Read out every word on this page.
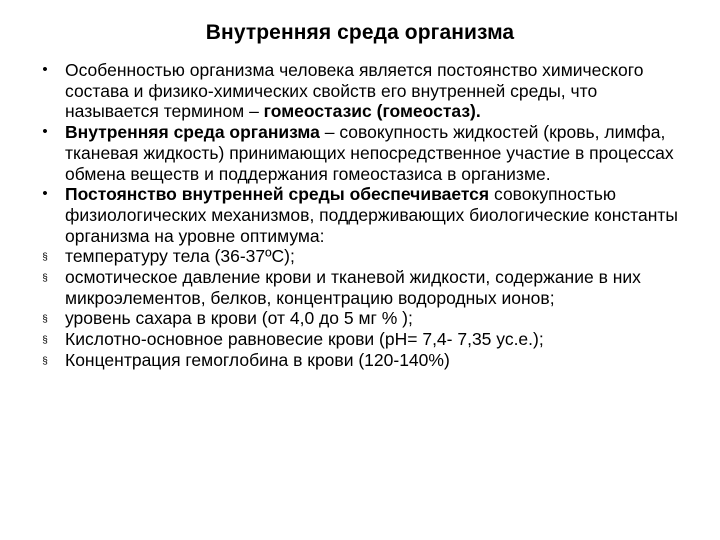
Внутренняя среда организма
• Особенностью организма человека является постоянство химического состава и физико-химических свойств его внутренней среды, что называется термином – гомеостазис (гомеостаз).
• Внутренняя среда организма – совокупность жидкостей (кровь, лимфа, тканевая жидкость) принимающих непосредственное участие в процессах обмена веществ и поддержания гомеостазиса в организме.
• Постоянство внутренней среды обеспечивается совокупностью физиологических механизмов, поддерживающих биологические константы организма на уровне оптимума:
§ температуру тела (36-37ºC);
§ осмотическое давление крови и тканевой жидкости, содержание в них микроэлементов, белков, концентрацию водородных ионов;
§ уровень сахара в крови (от 4,0 до 5 мг % );
§ Кислотно-основное равновесие крови (pH= 7,4- 7,35 ус.е.);
§ Концентрация гемоглобина в крови (120-140%)
